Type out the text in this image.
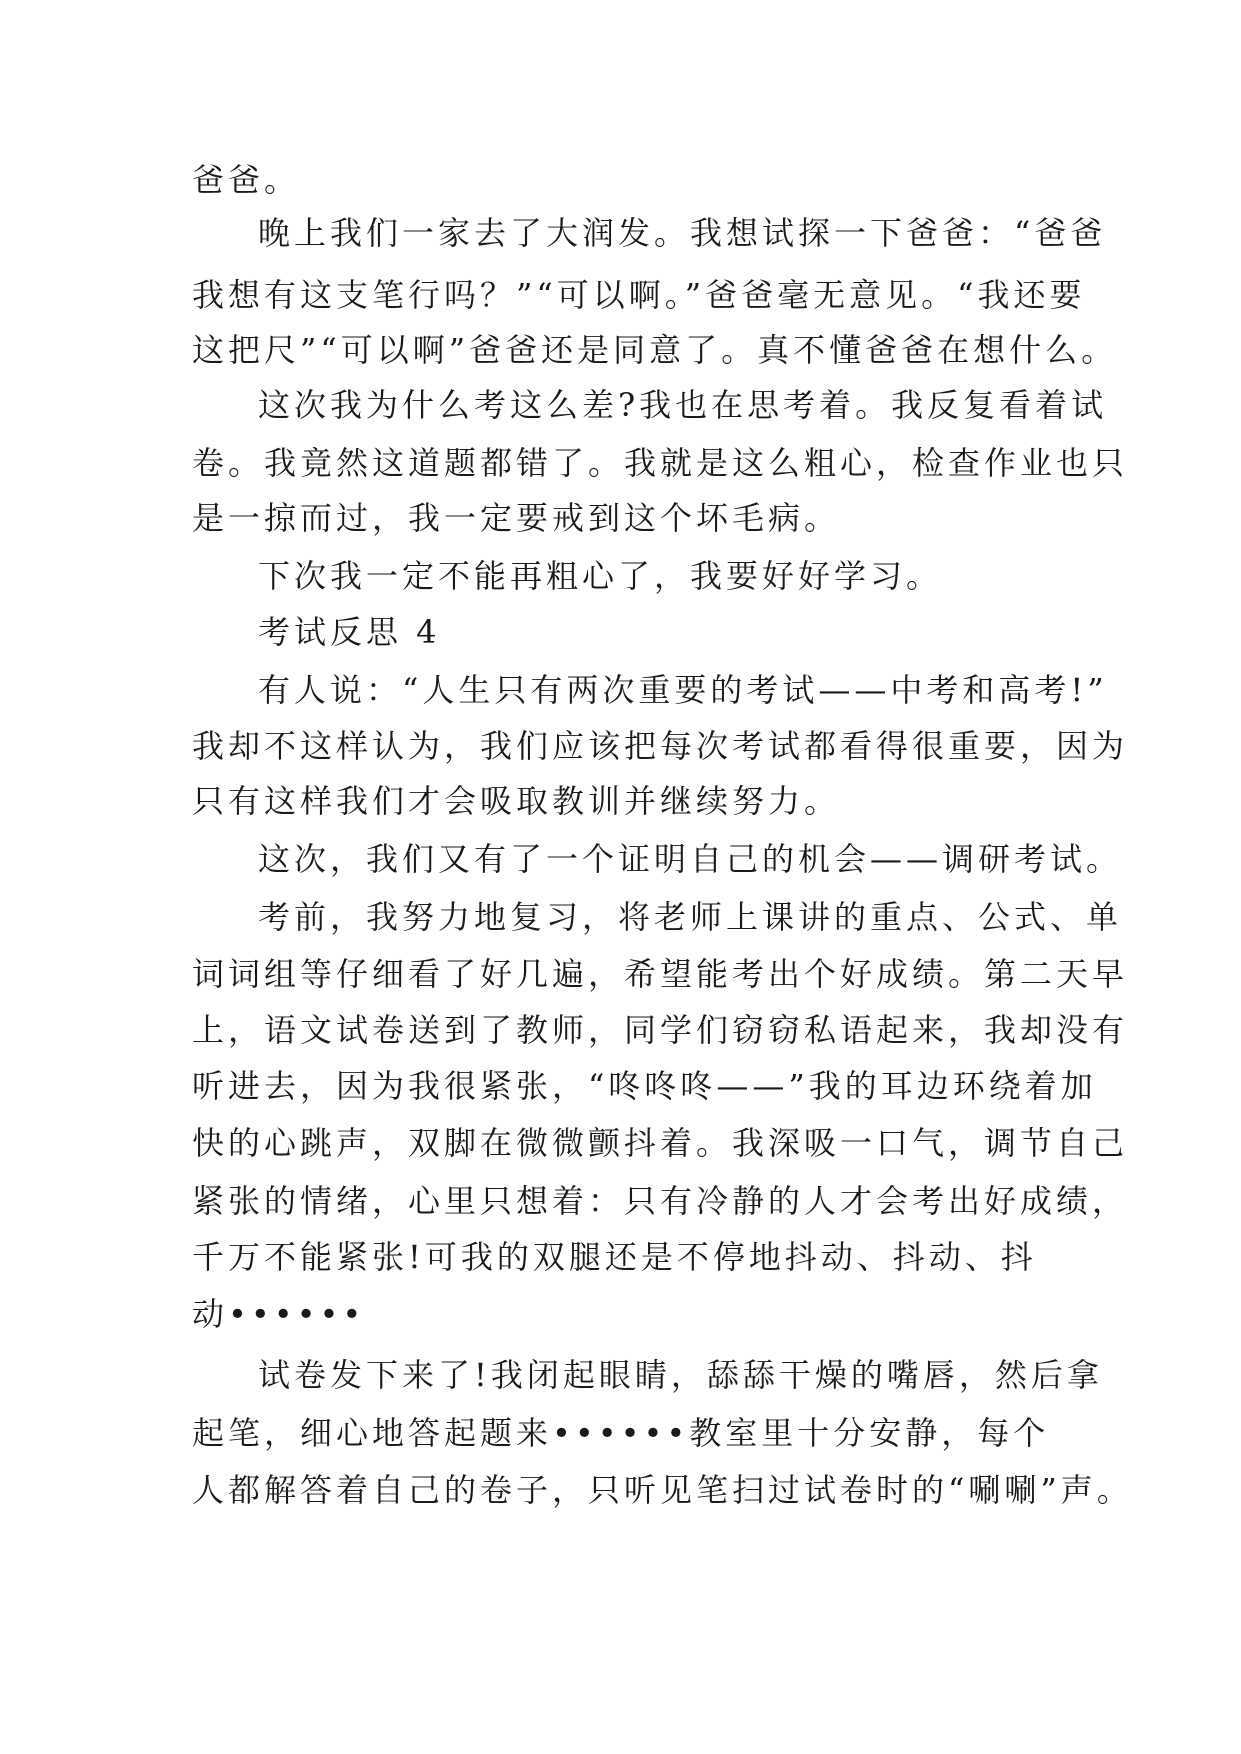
爸爸。
晚上我们一家去了大润发。我想试探一下爸爸：“爸爸
我想有这支笔行吗？”“可以啊。”爸爸毫无意见。“我还要
这把尺”“可以啊”爸爸还是同意了。真不懂爸爸在想什么。
这次我为什么考这么差?我也在思考着。我反复看着试
卷。我竟然这道题都错了。我就是这么粗心，检查作业也只
是一掠而过，我一定要戒到这个坏毛病。
下次我一定不能再粗心了，我要好好学习。
考试反思 4
有人说：“人生只有两次重要的考试——中考和高考!”
我却不这样认为，我们应该把每次考试都看得很重要，因为
只有这样我们才会吸取教训并继续努力。
这次，我们又有了一个证明自己的机会——调研考试。
考前，我努力地复习，将老师上课讲的重点、公式、单
词词组等仔细看了好几遍，希望能考出个好成绩。第二天早
上，语文试卷送到了教师，同学们窃窃私语起来，我却没有
听进去，因为我很紧张，“咚咚咚——”我的耳边环绕着加
快的心跳声，双脚在微微颤抖着。我深吸一口气，调节自己
紧张的情绪，心里只想着：只有冷静的人才会考出好成绩，
千万不能紧张!可我的双腿还是不停地抖动、抖动、抖
动••••••
试卷发下来了!我闭起眼睛，舔舔干燥的嘴唇，然后拿
起笔，细心地答起题来••••••教室里十分安静，每个
人都解答着自己的卷子，只听见笔扫过试卷时的“唰唰”声。
